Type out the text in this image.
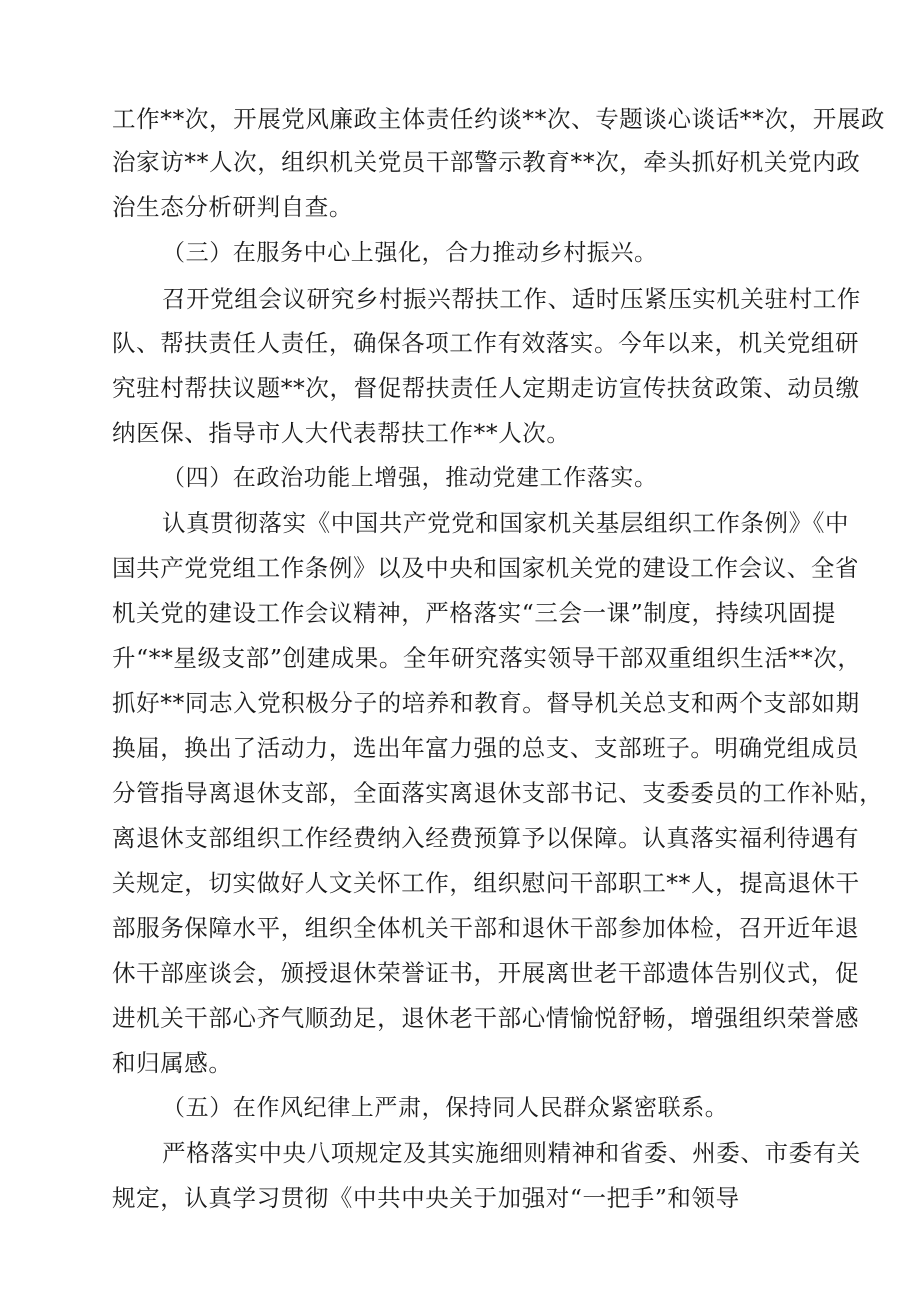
工作**次，开展党风廉政主体责任约谈**次、专题谈心谈话**次，开展政
治家访**人次，组织机关党员干部警示教育**次，牵头抓好机关党内政
治生态分析研判自查。
（三）在服务中心上强化，合力推动乡村振兴。
召开党组会议研究乡村振兴帮扶工作、适时压紧压实机关驻村工作
队、帮扶责任人责任，确保各项工作有效落实。今年以来，机关党组研
究驻村帮扶议题**次，督促帮扶责任人定期走访宣传扶贫政策、动员缴
纳医保、指导市人大代表帮扶工作**人次。
（四）在政治功能上增强，推动党建工作落实。
认真贯彻落实《中国共产党党和国家机关基层组织工作条例》《中
国共产党党组工作条例》以及中央和国家机关党的建设工作会议、全省
机关党的建设工作会议精神，严格落实“三会一课”制度，持续巩固提
升“**星级支部”创建成果。全年研究落实领导干部双重组织生活**次，
抓好**同志入党积极分子的培养和教育。督导机关总支和两个支部如期
换届，换出了活动力，选出年富力强的总支、支部班子。明确党组成员
分管指导离退休支部，全面落实离退休支部书记、支委委员的工作补贴，
离退休支部组织工作经费纳入经费预算予以保障。认真落实福利待遇有
关规定，切实做好人文关怀工作，组织慰问干部职工**人，提高退休干
部服务保障水平，组织全体机关干部和退休干部参加体检，召开近年退
休干部座谈会，颁授退休荣誉证书，开展离世老干部遗体告别仪式，促
进机关干部心齐气顺劲足，退休老干部心情愉悦舒畅，增强组织荣誉感
和归属感。
（五）在作风纪律上严肃，保持同人民群众紧密联系。
严格落实中央八项规定及其实施细则精神和省委、州委、市委有关
规定，认真学习贯彻《中共中央关于加强对“一把手”和领导
